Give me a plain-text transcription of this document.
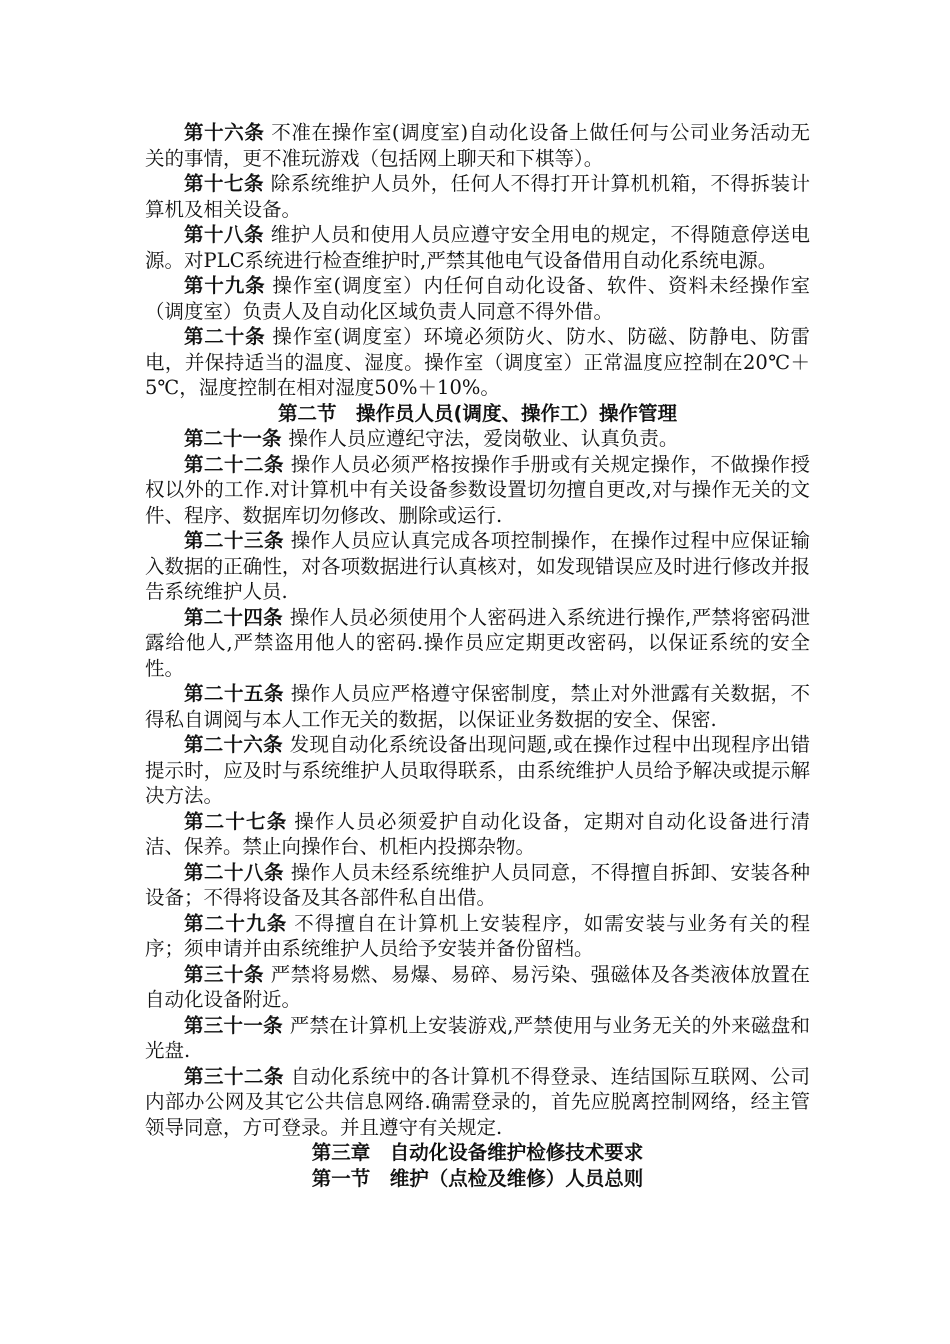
第十六条 不准在操作室(调度室)自动化设备上做任何与公司业务活动无关的事情，更不准玩游戏（包括网上聊天和下棋等）。

第十七条 除系统维护人员外，任何人不得打开计算机机箱，不得拆装计算机及相关设备。

第十八条 维护人员和使用人员应遵守安全用电的规定，不得随意停送电源。对PLC系统进行检查维护时,严禁其他电气设备借用自动化系统电源。

第十九条 操作室(调度室）内任何自动化设备、软件、资料未经操作室（调度室）负责人及自动化区域负责人同意不得外借。

第二十条 操作室(调度室）环境必须防火、防水、防磁、防静电、防雷电，并保持适当的温度、湿度。操作室（调度室）正常温度应控制在20℃＋5℃，湿度控制在相对湿度50%＋10%。

第二节　操作员人员(调度、操作工）操作管理

第二十一条 操作人员应遵纪守法，爱岗敬业、认真负责。

第二十二条 操作人员必须严格按操作手册或有关规定操作，不做操作授权以外的工作.对计算机中有关设备参数设置切勿擅自更改,对与操作无关的文件、程序、数据库切勿修改、删除或运行.

第二十三条 操作人员应认真完成各项控制操作，在操作过程中应保证输入数据的正确性，对各项数据进行认真核对，如发现错误应及时进行修改并报告系统维护人员.

第二十四条 操作人员必须使用个人密码进入系统进行操作,严禁将密码泄露给他人,严禁盗用他人的密码.操作员应定期更改密码，以保证系统的安全性。

第二十五条 操作人员应严格遵守保密制度，禁止对外泄露有关数据，不得私自调阅与本人工作无关的数据，以保证业务数据的安全、保密.

第二十六条 发现自动化系统设备出现问题,或在操作过程中出现程序出错提示时，应及时与系统维护人员取得联系，由系统维护人员给予解决或提示解决方法。

第二十七条 操作人员必须爱护自动化设备，定期对自动化设备进行清洁、保养。禁止向操作台、机柜内投掷杂物。

第二十八条 操作人员未经系统维护人员同意，不得擅自拆卸、安装各种设备；不得将设备及其各部件私自出借。

第二十九条 不得擅自在计算机上安装程序，如需安装与业务有关的程序；须申请并由系统维护人员给予安装并备份留档。

第三十条 严禁将易燃、易爆、易碎、易污染、强磁体及各类液体放置在自动化设备附近。

第三十一条 严禁在计算机上安装游戏,严禁使用与业务无关的外来磁盘和光盘.

第三十二条 自动化系统中的各计算机不得登录、连结国际互联网、公司内部办公网及其它公共信息网络.确需登录的，首先应脱离控制网络，经主管领导同意，方可登录。并且遵守有关规定.

第三章　自动化设备维护检修技术要求

第一节　维护（点检及维修）人员总则
